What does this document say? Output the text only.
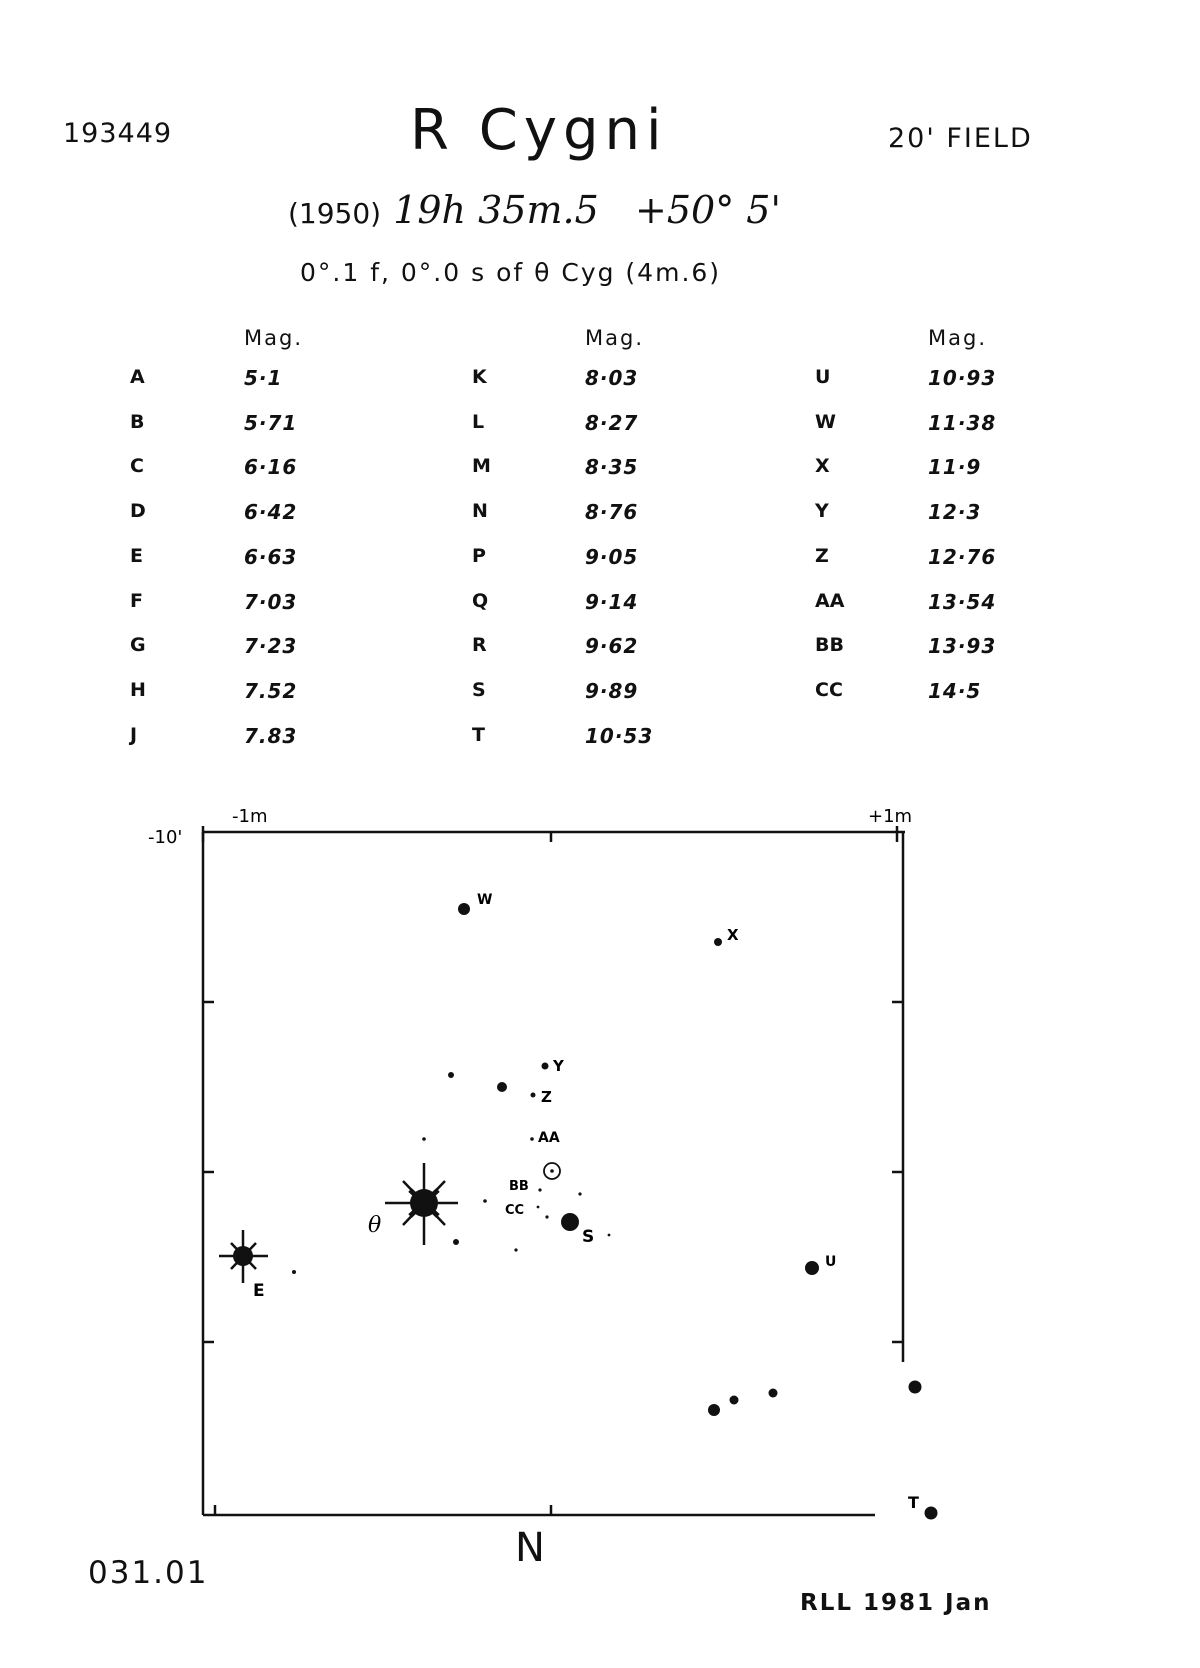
193449	R Cygni	20' FIELD
(1950) 19h 35m.5 +50° 5'
0°.1 f, 0°.0 s of θ Cyg (4m.6)
Mag.
A	5·1
B	5·71
C	6·16
D	6·42
E	6·63
F	7·03
G	7·23
H	7.52
J	7.83
Mag.
K	8·03
L	8·27
M	8·35
N	8·76
P	9·05
Q	9·14
R	9·62
S	9·89
T	10·53
Mag.
U	10·93
W	11·38
X	11·9
Y	12·3
Z	12·76
AA	13·54
BB	13·93
CC	14·5
-1m	+1m
-10'
θ
E
W
X
Y
Z
AA
BB
CC
S
U
T
031.01
N
RLL 1981 Jan
